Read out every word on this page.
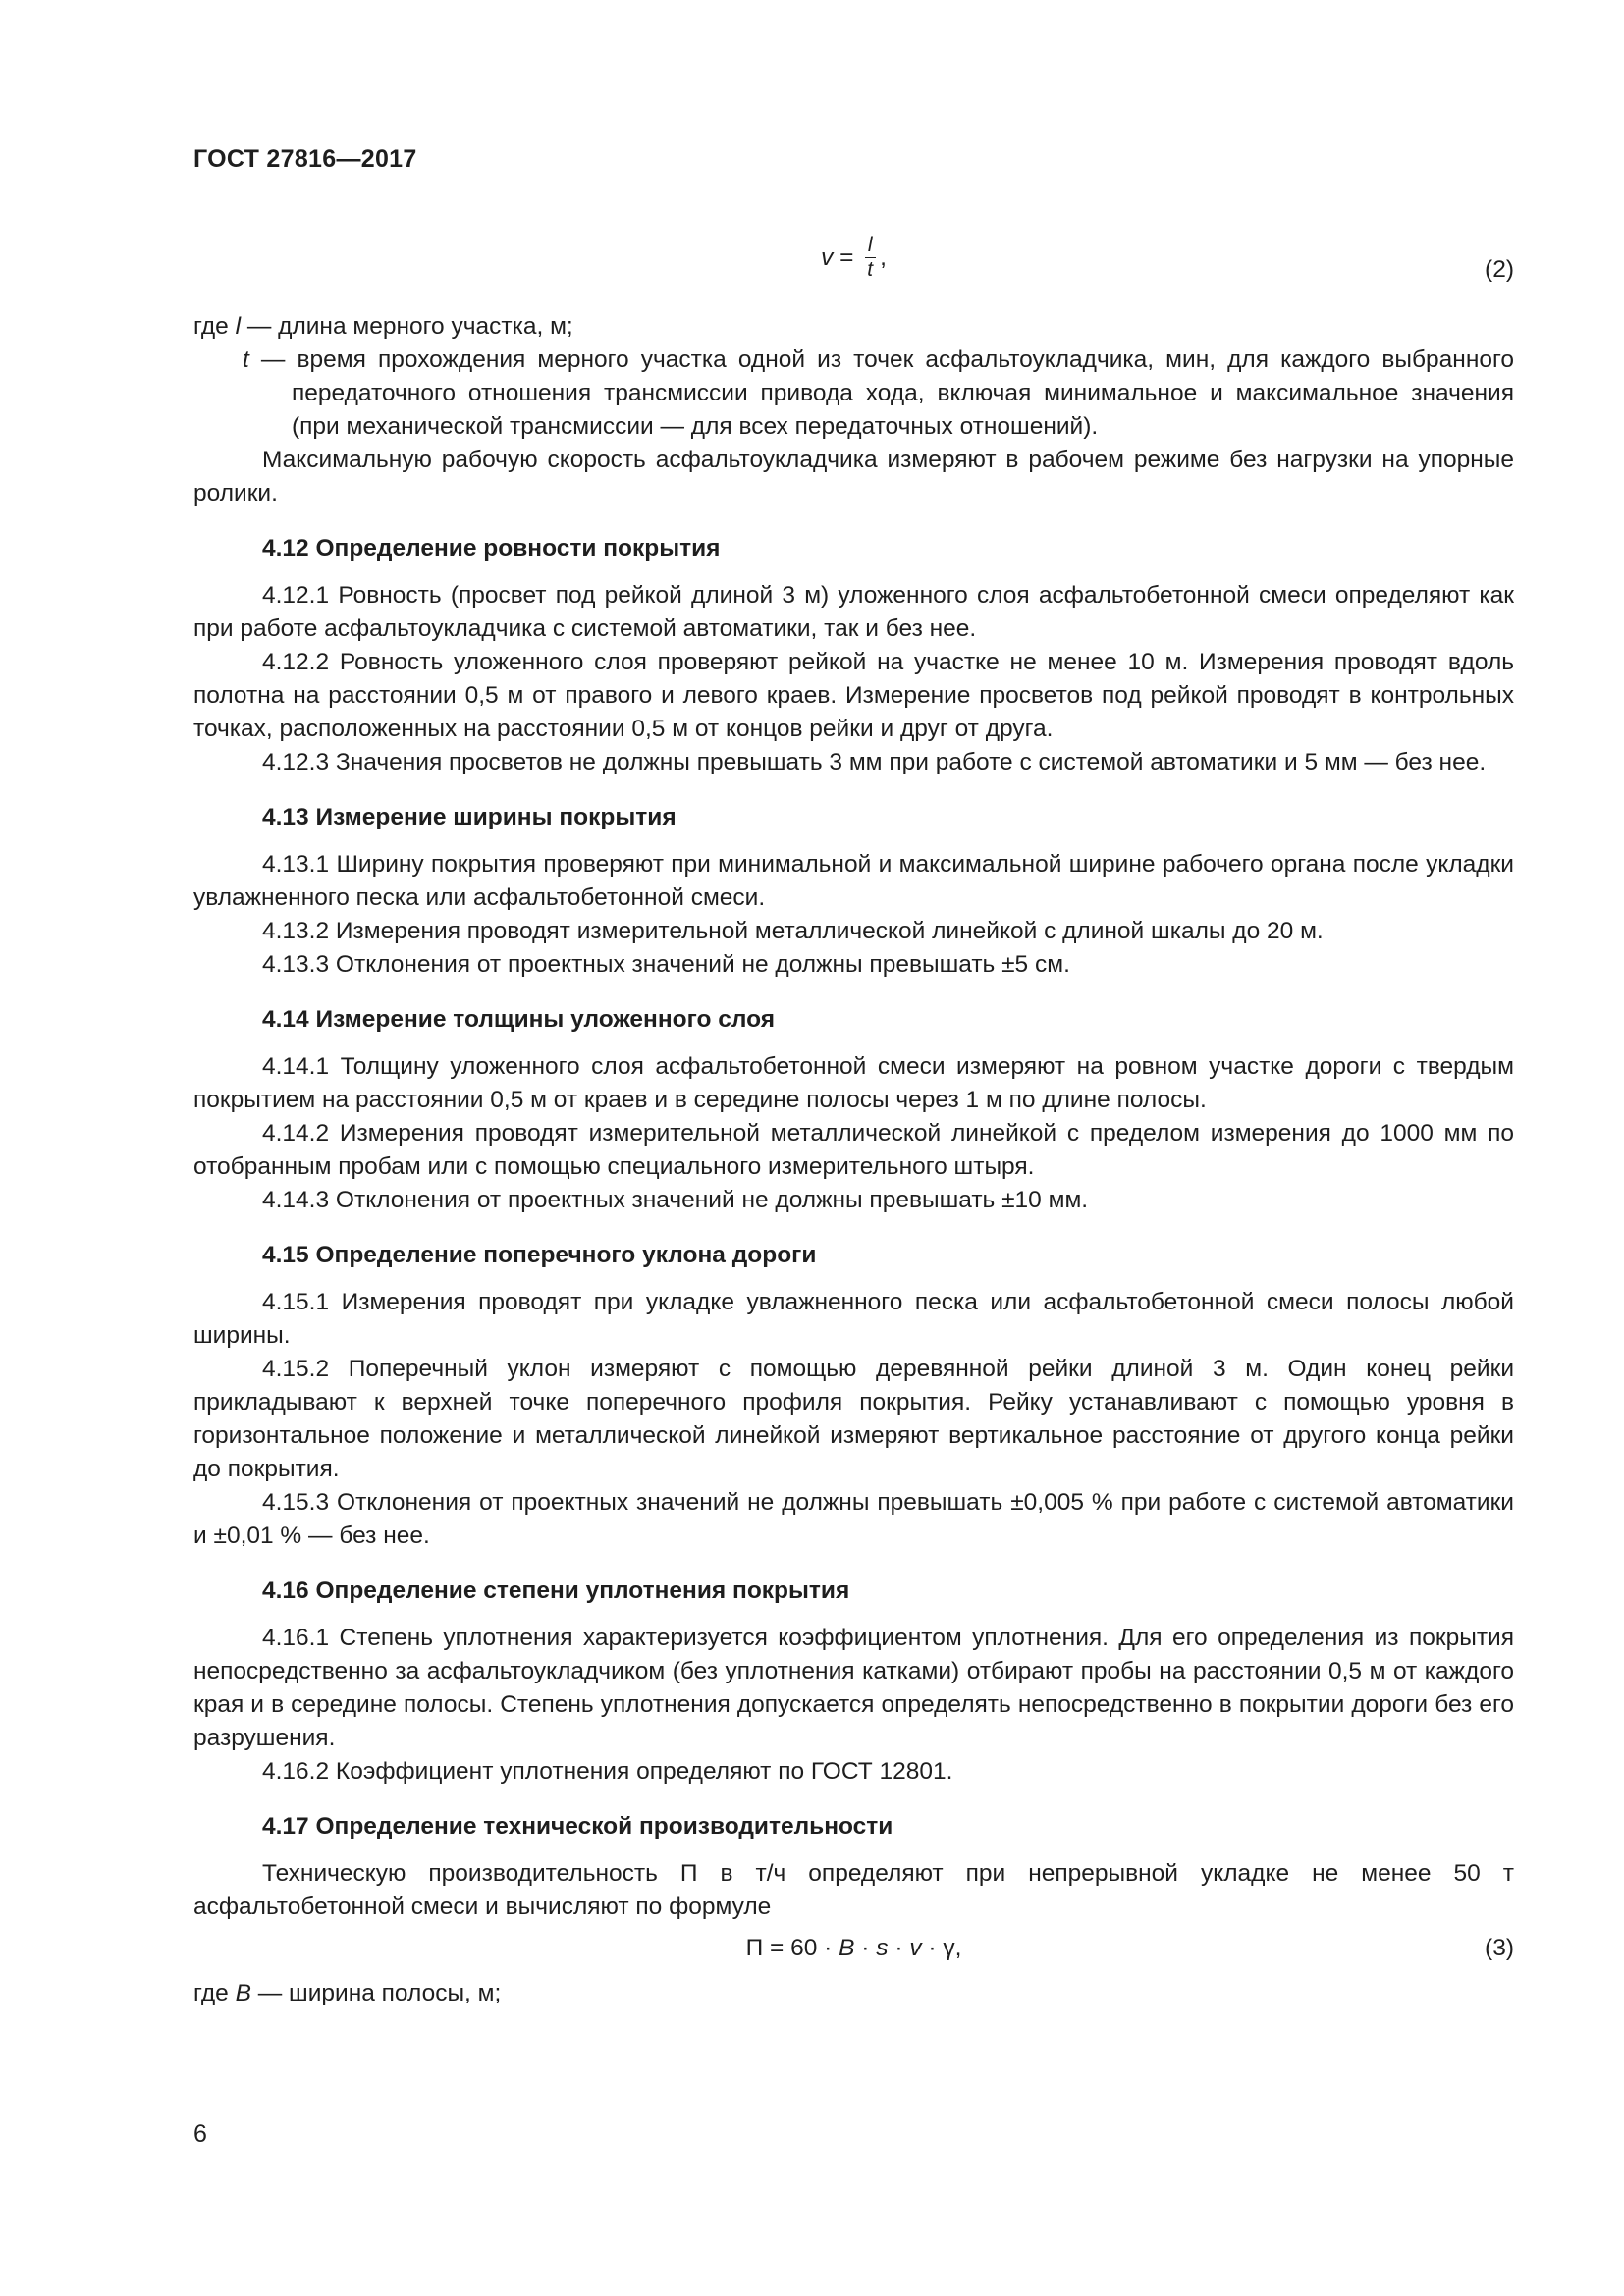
ГОСТ 27816—2017
$v = \frac{l}{t}$ ,	(2)

где l — длина мерного участка, м;

t — время прохождения мерного участка одной из точек асфальтоукладчика, мин, для каждого выбранного передаточного отношения трансмиссии привода хода, включая минимальное и максимальное значения (при механической трансмиссии — для всех передаточных отношений).

Максимальную рабочую скорость асфальтоукладчика измеряют в рабочем режиме без нагрузки на упорные ролики.

4.12 Определение ровности покрытия

4.12.1 Ровность (просвет под рейкой длиной 3 м) уложенного слоя асфальтобетонной смеси определяют как при работе асфальтоукладчика с системой автоматики, так и без нее.

4.12.2 Ровность уложенного слоя проверяют рейкой на участке не менее 10 м. Измерения проводят вдоль полотна на расстоянии 0,5 м от правого и левого краев. Измерение просветов под рейкой проводят в контрольных точках, расположенных на расстоянии 0,5 м от концов рейки и друг от друга.

4.12.3 Значения просветов не должны превышать 3 мм при работе с системой автоматики и 5 мм — без нее.

4.13 Измерение ширины покрытия

4.13.1 Ширину покрытия проверяют при минимальной и максимальной ширине рабочего органа после укладки увлажненного песка или асфальтобетонной смеси.

4.13.2 Измерения проводят измерительной металлической линейкой с длиной шкалы до 20 м.

4.13.3 Отклонения от проектных значений не должны превышать ±5 см.

4.14 Измерение толщины уложенного слоя

4.14.1 Толщину уложенного слоя асфальтобетонной смеси измеряют на ровном участке дороги с твердым покрытием на расстоянии 0,5 м от краев и в середине полосы через 1 м по длине полосы.

4.14.2 Измерения проводят измерительной металлической линейкой с пределом измерения до 1000 мм по отобранным пробам или с помощью специального измерительного штыря.

4.14.3 Отклонения от проектных значений не должны превышать ±10 мм.

4.15 Определение поперечного уклона дороги

4.15.1 Измерения проводят при укладке увлажненного песка или асфальтобетонной смеси полосы любой ширины.

4.15.2 Поперечный уклон измеряют с помощью деревянной рейки длиной 3 м. Один конец рейки прикладывают к верхней точке поперечного профиля покрытия. Рейку устанавливают с помощью уровня в горизонтальное положение и металлической линейкой измеряют вертикальное расстояние от другого конца рейки до покрытия.

4.15.3 Отклонения от проектных значений не должны превышать ±0,005 % при работе с системой автоматики и ±0,01 % — без нее.

4.16 Определение степени уплотнения покрытия

4.16.1 Степень уплотнения характеризуется коэффициентом уплотнения. Для его определения из покрытия непосредственно за асфальтоукладчиком (без уплотнения катками) отбирают пробы на расстоянии 0,5 м от каждого края и в середине полосы. Степень уплотнения допускается определять непосредственно в покрытии дороги без его разрушения.

4.16.2 Коэффициент уплотнения определяют по ГОСТ 12801.

4.17 Определение технической производительности

Техническую производительность П в т/ч определяют при непрерывной укладке не менее 50 т асфальтобетонной смеси и вычисляют по формуле

П = 60 · B · s · v · γ,	(3)

где B — ширина полосы, м;

6
